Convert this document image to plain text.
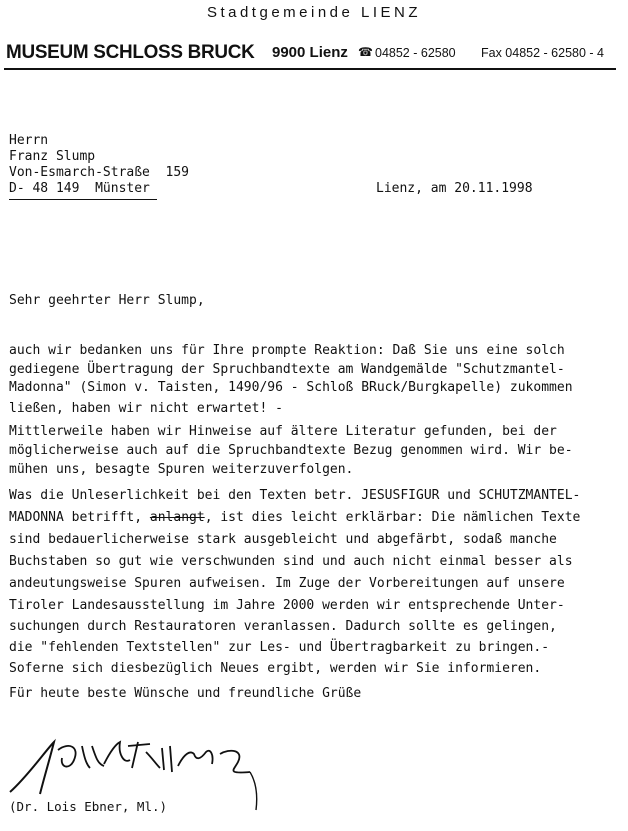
Stadtgemeinde LIENZ
MUSEUM SCHLOSS BRUCK 9900 Lienz ☎ 04852 - 62580 Fax 04852 - 62580 - 4
Herrn
Franz Slump
Von-Esmarch-Straße  159
D- 48 149  Münster	Lienz, am 20.11.1998
Sehr geehrter Herr Slump,
auch wir bedanken uns für Ihre prompte Reaktion: Daß Sie uns eine solch
gediegene Übertragung der Spruchbandtexte am Wandgemälde "Schutzmantel-
Madonna" (Simon v. Taisten, 1490/96 - Schloß BRuck/Burgkapelle) zukommen
ließen, haben wir nicht erwartet! -
Mittlerweile haben wir Hinweise auf ältere Literatur gefunden, bei der
möglicherweise auch auf die Spruchbandtexte Bezug genommen wird. Wir be-
mühen uns, besagte Spuren weiterzuverfolgen.
Was die Unleserlichkeit bei den Texten betr. JESUSFIGUR und SCHUTZMANTEL-
MADONNA betrifft, anlangt, ist dies leicht erklärbar: Die nämlichen Texte
sind bedauerlicherweise stark ausgebleicht und abgefärbt, sodaß manche
Buchstaben so gut wie verschwunden sind und auch nicht einmal besser als
andeutungsweise Spuren aufweisen. Im Zuge der Vorbereitungen auf unsere
Tiroler Landesausstellung im Jahre 2000 werden wir entsprechende Unter-
suchungen durch Restauratoren veranlassen. Dadurch sollte es gelingen,
die "fehlenden Textstellen" zur Les- und Übertragbarkeit zu bringen.-
Soferne sich diesbezüglich Neues ergibt, werden wir Sie informieren.
Für heute beste Wünsche und freundliche Grüße
(Dr. Lois Ebner, Ml.)
